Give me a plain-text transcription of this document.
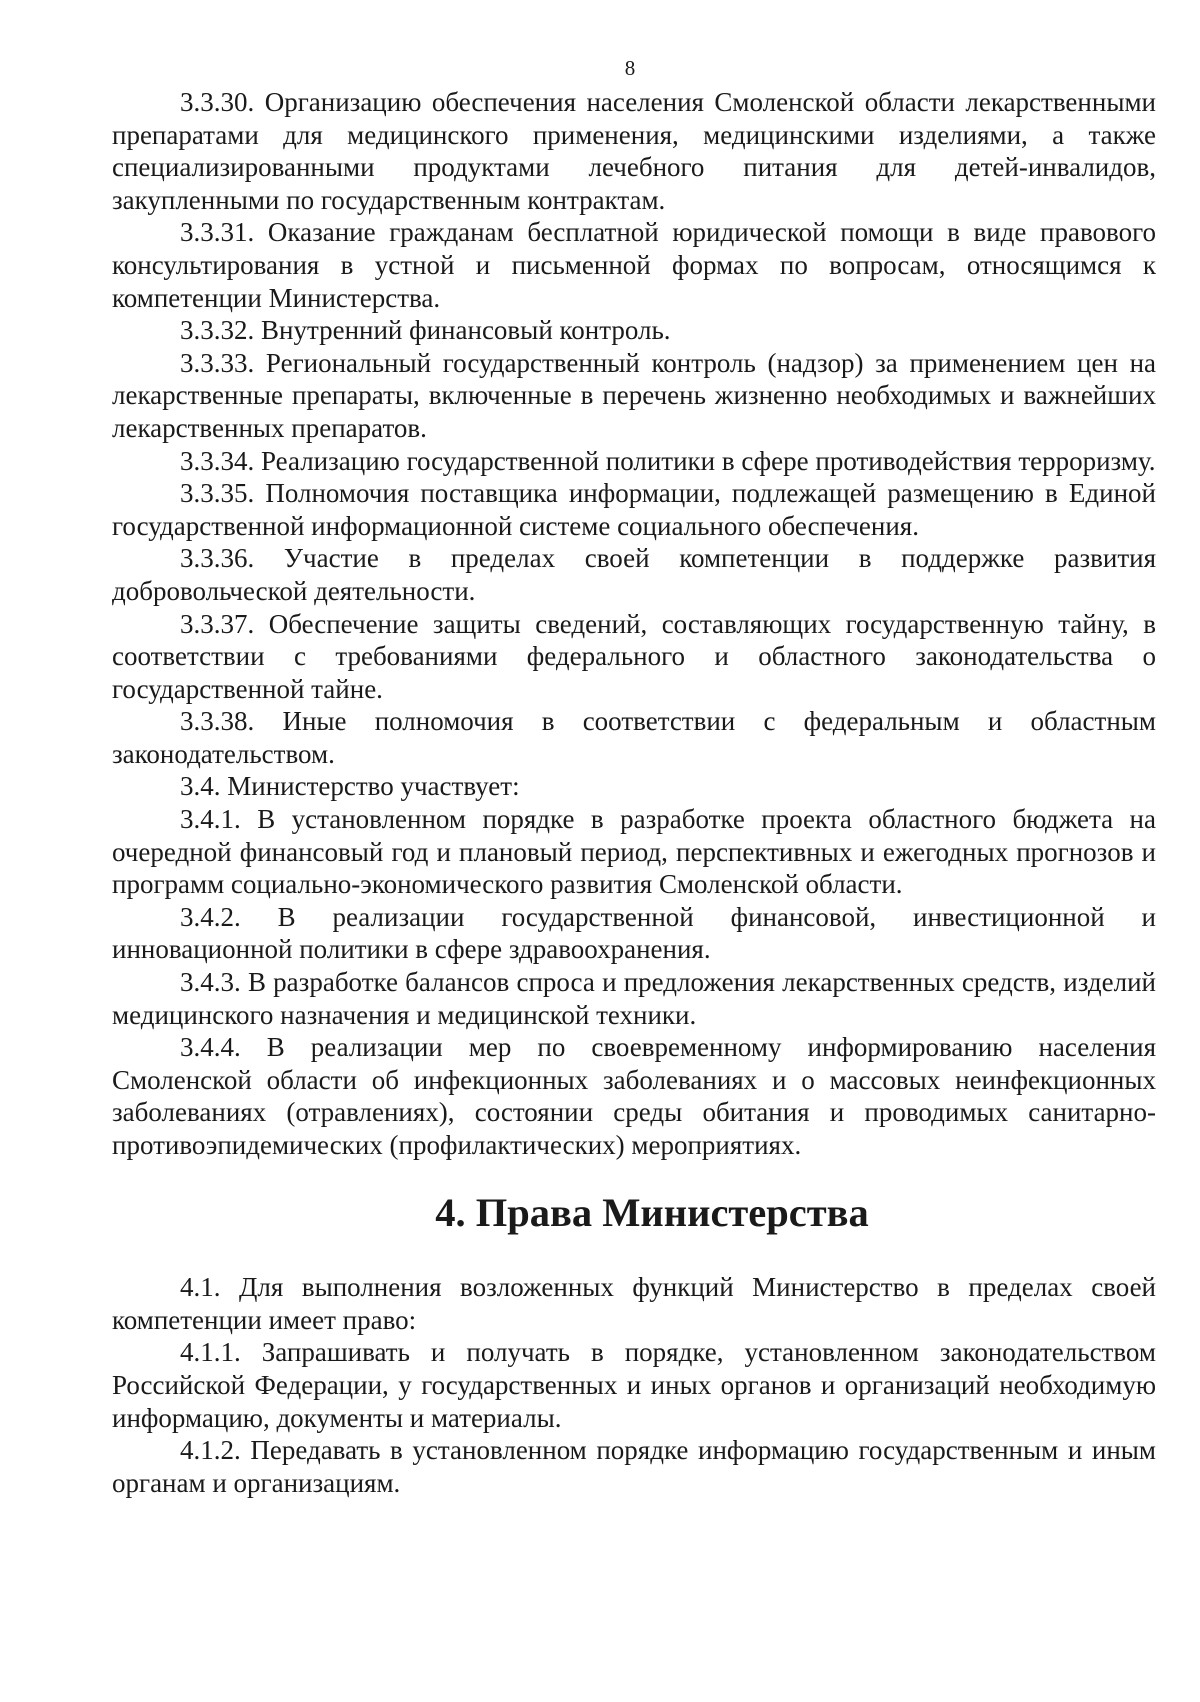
8

3.3.30. Организацию обеспечения населения Смоленской области лекарственными препаратами для медицинского применения, медицинскими изделиями, а также специализированными продуктами лечебного питания для детей-инвалидов, закупленными по государственным контрактам.

3.3.31. Оказание гражданам бесплатной юридической помощи в виде правового консультирования в устной и письменной формах по вопросам, относящимся к компетенции Министерства.

3.3.32. Внутренний финансовый контроль.

3.3.33. Региональный государственный контроль (надзор) за применением цен на лекарственные препараты, включенные в перечень жизненно необходимых и важнейших лекарственных препаратов.

3.3.34. Реализацию государственной политики в сфере противодействия терроризму.

3.3.35. Полномочия поставщика информации, подлежащей размещению в Единой государственной информационной системе социального обеспечения.

3.3.36. Участие в пределах своей компетенции в поддержке развития добровольческой деятельности.

3.3.37. Обеспечение защиты сведений, составляющих государственную тайну, в соответствии с требованиями федерального и областного законодательства о государственной тайне.

3.3.38. Иные полномочия в соответствии с федеральным и областным законодательством.

3.4. Министерство участвует:

3.4.1. В установленном порядке в разработке проекта областного бюджета на очередной финансовый год и плановый период, перспективных и ежегодных прогнозов и программ социально-экономического развития Смоленской области.

3.4.2. В реализации государственной финансовой, инвестиционной и инновационной политики в сфере здравоохранения.

3.4.3. В разработке балансов спроса и предложения лекарственных средств, изделий медицинского назначения и медицинской техники.

3.4.4. В реализации мер по своевременному информированию населения Смоленской области об инфекционных заболеваниях и о массовых неинфекционных заболеваниях (отравлениях), состоянии среды обитания и проводимых санитарно-противоэпидемических (профилактических) мероприятиях.

4. Права Министерства

4.1. Для выполнения возложенных функций Министерство в пределах своей компетенции имеет право:

4.1.1. Запрашивать и получать в порядке, установленном законодательством Российской Федерации, у государственных и иных органов и организаций необходимую информацию, документы и материалы.

4.1.2. Передавать в установленном порядке информацию государственным и иным органам и организациям.
